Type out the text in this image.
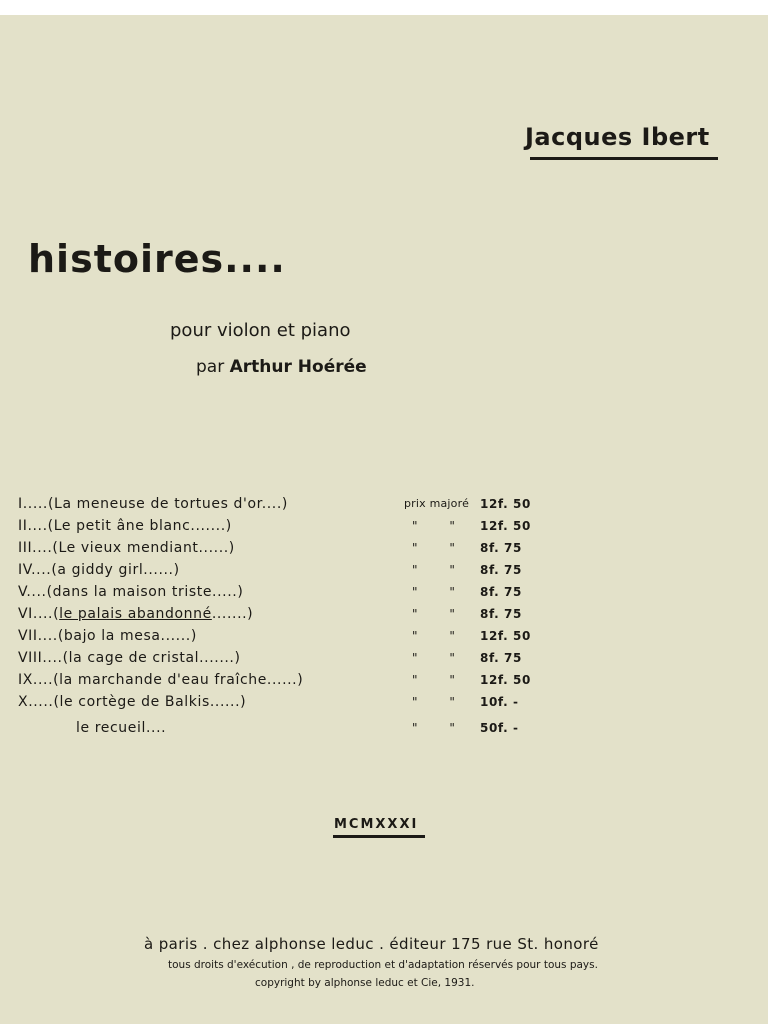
Jacques Ibert
histoires....
pour violon et piano
par Arthur Hoérée
I.....(La meneuse de tortues d'or....)	prix majoré 12f. 50
II....(Le petit âne blanc.......)	" " 12f. 50
III....(Le vieux mendiant......)	" " 8f. 75
IV....(a giddy girl......)	" " 8f. 75
V....(dans la maison triste.....)	" " 8f. 75
VI....(le palais abandonné.......)	" " 8f. 75
VII....(bajo la mesa......)	" " 12f. 50
VIII....(la cage de cristal.......)	" " 8f. 75
IX....(la marchande d'eau fraîche......)	" " 12f. 50
X.....(le cortège de Balkis......)	" " 10f. -
le recueil....	" " 50f. -
MCMXXXI
à paris . chez alphonse leduc . éditeur 175 rue St. honoré
tous droits d'exécution , de reproduction et d'adaptation réservés pour tous pays.
copyright by alphonse leduc et Cie, 1931.
